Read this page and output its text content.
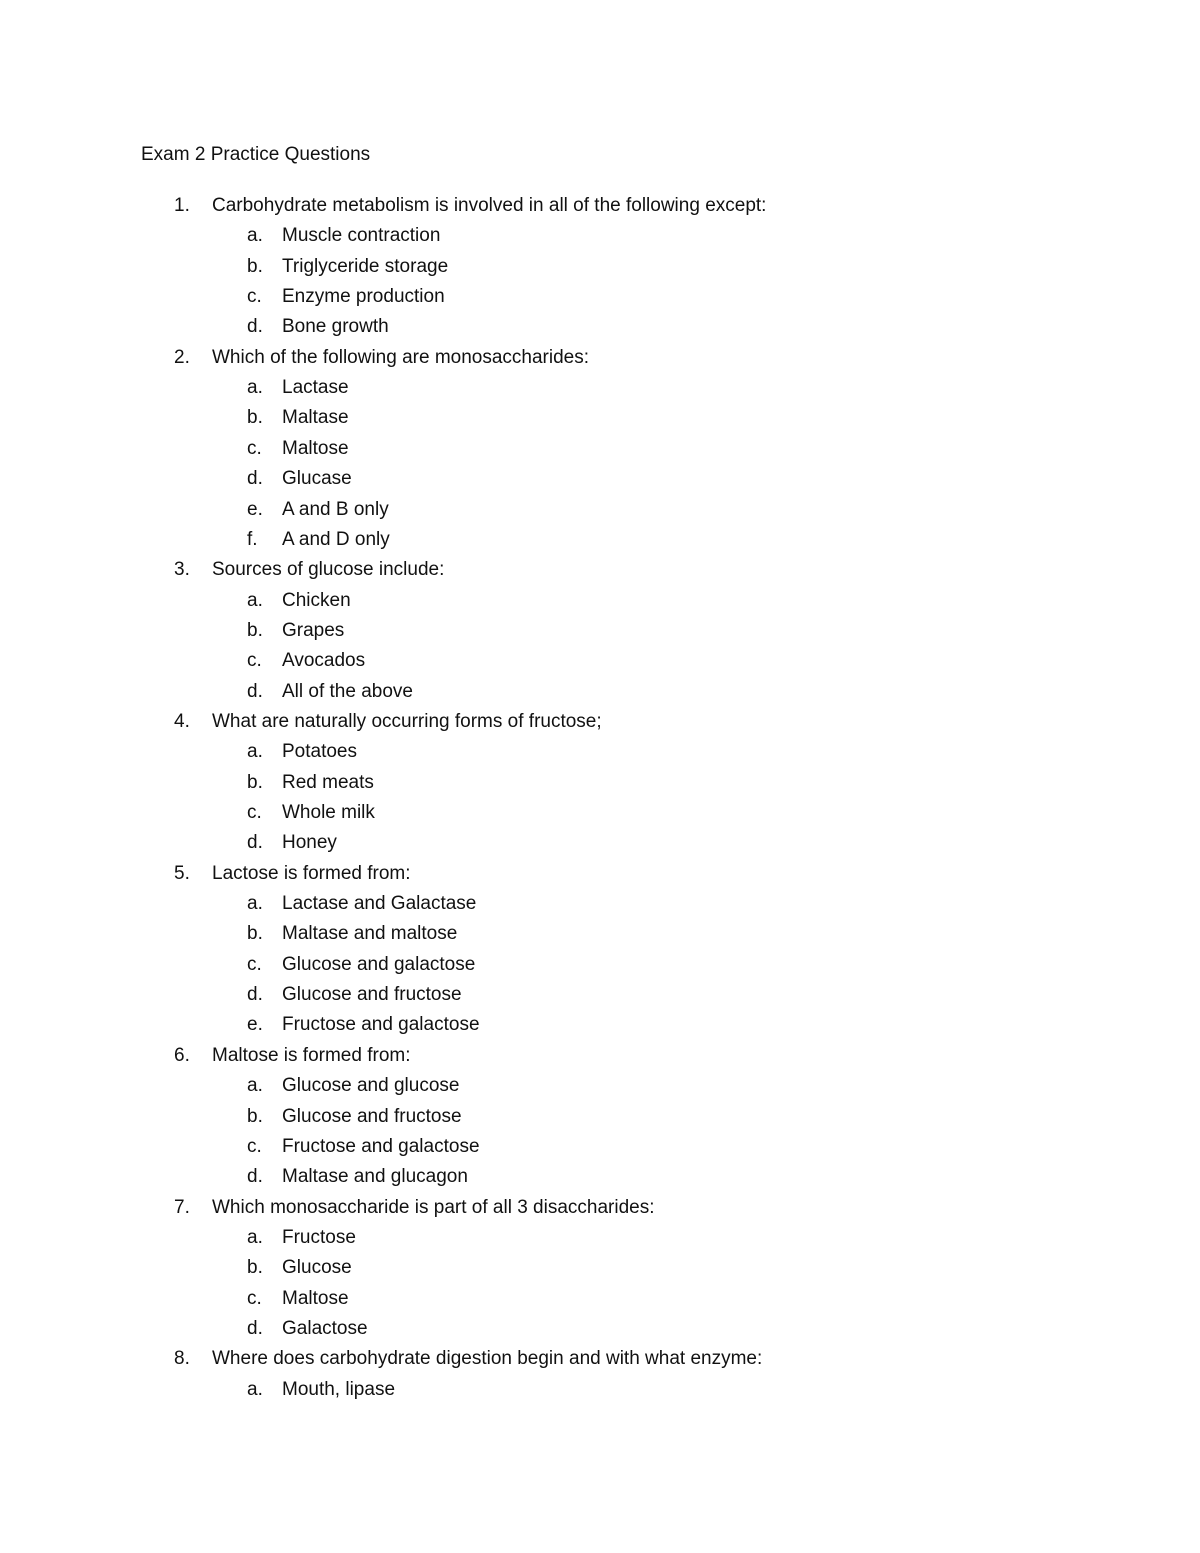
Exam 2 Practice Questions
1. Carbohydrate metabolism is involved in all of the following except:
a. Muscle contraction
b. Triglyceride storage
c. Enzyme production
d. Bone growth
2. Which of the following are monosaccharides:
a. Lactase
b. Maltase
c. Maltose
d. Glucase
e. A and B only
f. A and D only
3. Sources of glucose include:
a. Chicken
b. Grapes
c. Avocados
d. All of the above
4. What are naturally occurring forms of fructose;
a. Potatoes
b. Red meats
c. Whole milk
d. Honey
5. Lactose is formed from:
a. Lactase and Galactase
b. Maltase and maltose
c. Glucose and galactose
d. Glucose and fructose
e. Fructose and galactose
6. Maltose is formed from:
a. Glucose and glucose
b. Glucose and fructose
c. Fructose and galactose
d. Maltase and glucagon
7. Which monosaccharide is part of all 3 disaccharides:
a. Fructose
b. Glucose
c. Maltose
d. Galactose
8. Where does carbohydrate digestion begin and with what enzyme:
a. Mouth, lipase
